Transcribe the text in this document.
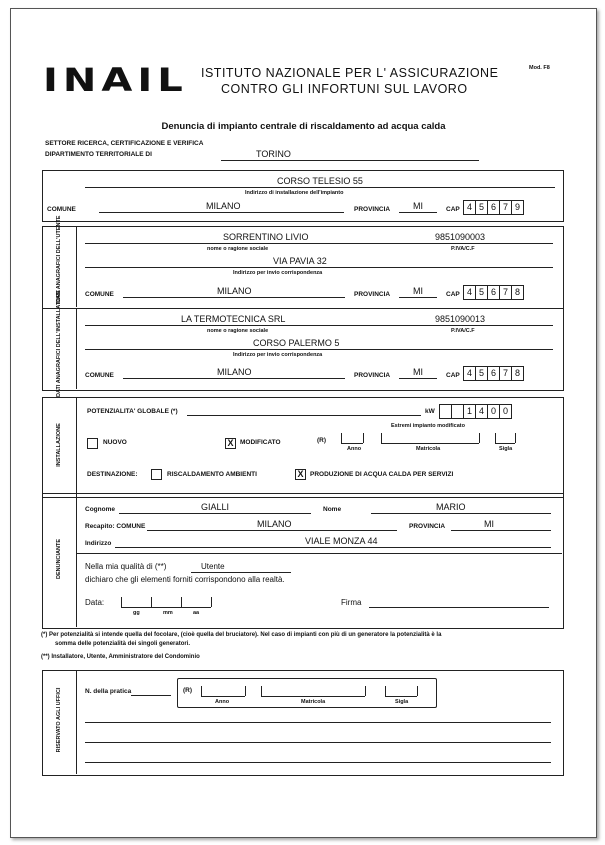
INAIL ISTITUTO NAZIONALE PER L' ASSICURAZIONE
CONTRO GLI INFORTUNI SUL LAVORO
Mod. F8
Denuncia di impianto centrale di riscaldamento ad acqua calda
SETTORE RICERCA, CERTIFICAZIONE E VERIFICA
DIPARTIMENTO TERRITORIALE DI	TORINO
CORSO TELESIO 55
Indirizzo di installazione dell'impianto
COMUNE	MILANO	PROVINCIA	MI	CAP 4 5 6 7 9
DATI ANAGRAFICI DELL'UTENTE	SORRENTINO LIVIO	9851090003
nome o ragione sociale	P.IVA/C.F
VIA PAVIA 32
Indirizzo per invio corrispondenza
COMUNE	MILANO	PROVINCIA	MI	CAP 4 5 6 7 8
DATI ANAGRAFICI DELL'INSTALLATORE	LA TERMOTECNICA SRL	9851090013
nome o ragione sociale	P.IVA/C.F
CORSO PALERMO 5
Indirizzo per invio corrispondenza
COMUNE	MILANO	PROVINCIA	MI	CAP 4 5 6 7 8
INSTALLAZIONE
POTENZIALITA' GLOBALE (*)	kW	1 4 0 0
Estremi impianto modificato
NUOVO	X	MODIFICATO	(R)
Anno	Matricola	Sigla
DESTINAZIONE:	RISCALDAMENTO AMBIENTI	X	PRODUZIONE DI ACQUA CALDA PER SERVIZI
DENUNCIANTE
Cognome	GIALLI	Nome	MARIO
Recapito: COMUNE	MILANO	PROVINCIA	MI
Indirizzo	VIALE MONZA 44
Nella mia qualità di (**)	Utente
dichiaro che gli elementi forniti corrispondono alla realtà.
Data:
gg	mm	aa
Firma
(*) Per potenzialità si intende quella del focolare, (cioè quella del bruciatore). Nel caso di impianti con più di un generatore la potenzialità è la
somma delle potenzialità dei singoli generatori.
(**) Installatore, Utente, Amministratore del Condominio
RISERVATO AGLI UFFICI	N. della pratica	(R)
Anno	Matricola	Sigla
